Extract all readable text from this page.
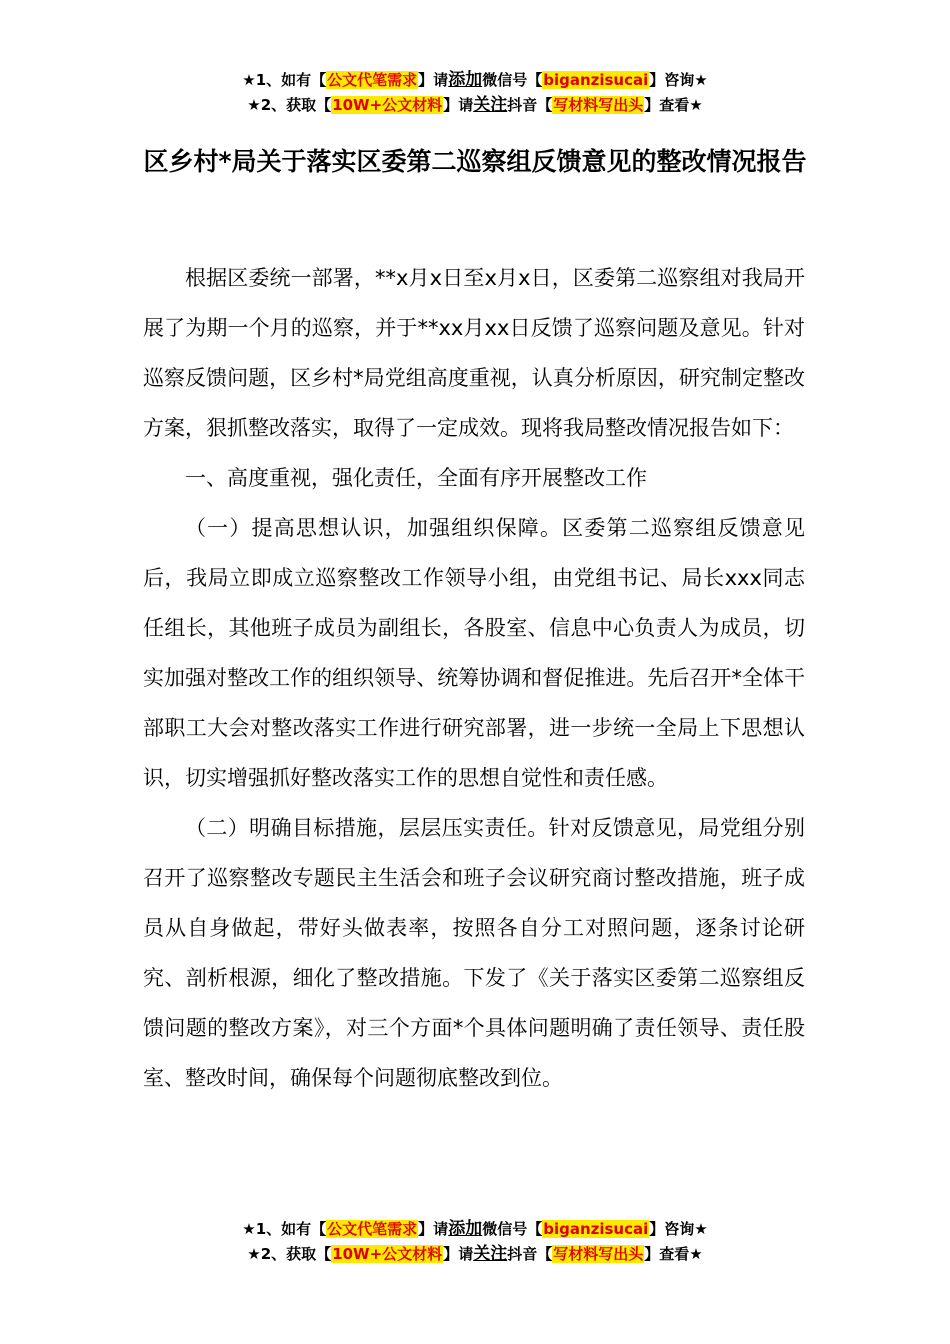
★1、如有【公文代笔需求】请添加微信号【biganzisucai】咨询★
★2、获取【10W+公文材料】请关注抖音【写材料写出头】查看★
区乡村*局关于落实区委第二巡察组反馈意见的整改情况报告

根据区委统一部署，**x月x日至x月x日，区委第二巡察组对我局开展了为期一个月的巡察，并于**xx月xx日反馈了巡察问题及意见。针对巡察反馈问题，区乡村*局党组高度重视，认真分析原因，研究制定整改方案，狠抓整改落实，取得了一定成效。现将我局整改情况报告如下：

一、高度重视，强化责任，全面有序开展整改工作

（一）提高思想认识，加强组织保障。区委第二巡察组反馈意见后，我局立即成立巡察整改工作领导小组，由党组书记、局长xxx同志任组长，其他班子成员为副组长，各股室、信息中心负责人为成员，切实加强对整改工作的组织领导、统筹协调和督促推进。先后召开*全体干部职工大会对整改落实工作进行研究部署，进一步统一全局上下思想认识，切实增强抓好整改落实工作的思想自觉性和责任感。

（二）明确目标措施，层层压实责任。针对反馈意见，局党组分别召开了巡察整改专题民主生活会和班子会议研究商讨整改措施，班子成员从自身做起，带好头做表率，按照各自分工对照问题，逐条讨论研究、剖析根源，细化了整改措施。下发了《关于落实区委第二巡察组反馈问题的整改方案》，对三个方面*个具体问题明确了责任领导、责任股室、整改时间，确保每个问题彻底整改到位。

★1、如有【公文代笔需求】请添加微信号【biganzisucai】咨询★
★2、获取【10W+公文材料】请关注抖音【写材料写出头】查看★
